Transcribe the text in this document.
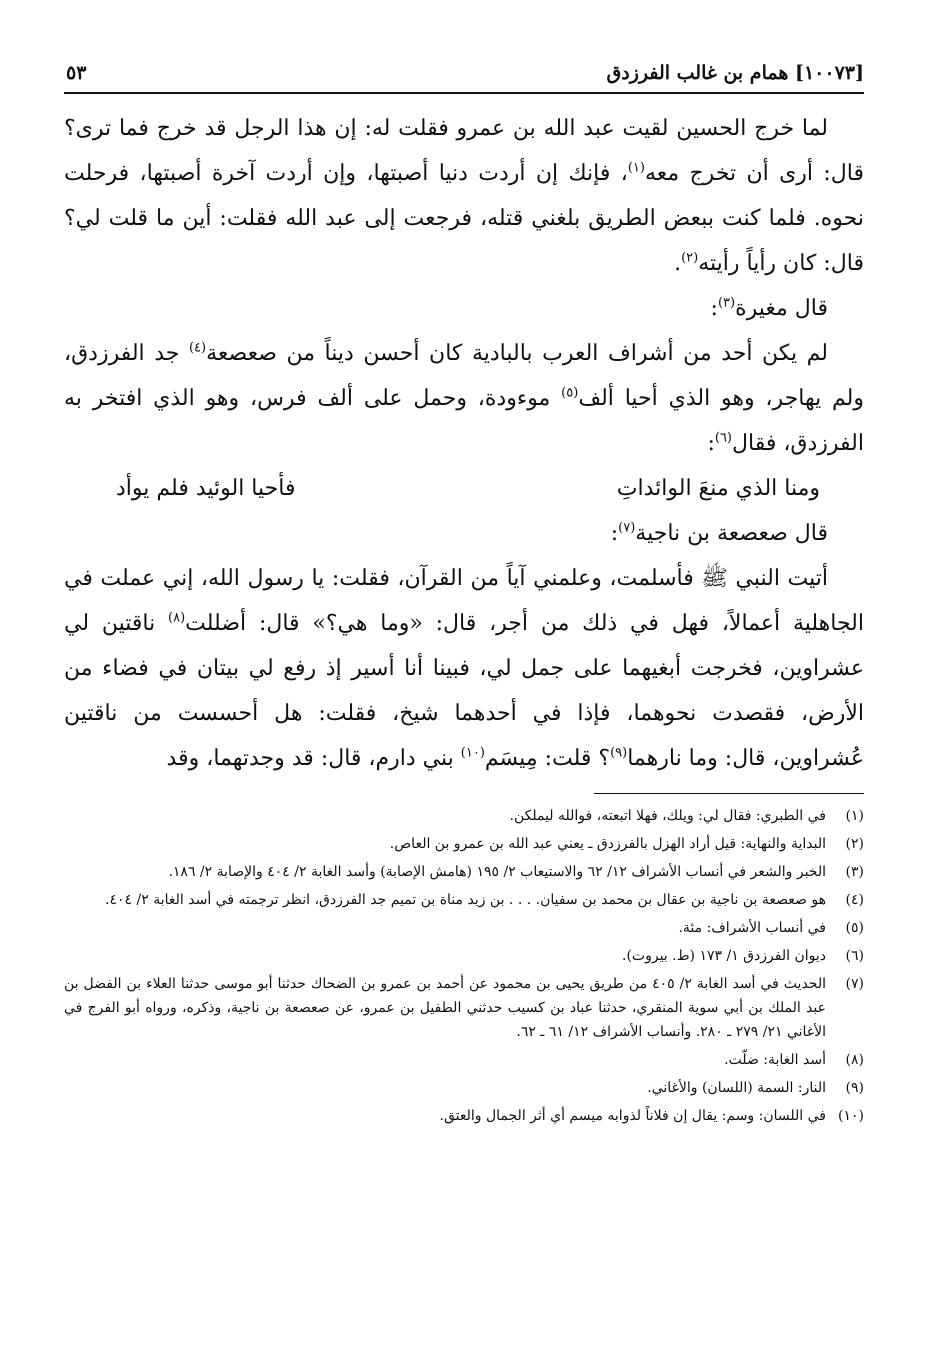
[١٠٠٧٣] همام بن غالب الفرزدق
٥٣

لما خرج الحسين لقيت عبد الله بن عمرو فقلت له: إن هذا الرجل قد خرج فما ترى؟ قال: أرى أن تخرج معه$^{(١)}$، فإنك إن أردت دنيا أصبتها، وإن أردت آخرة أصبتها، فرحلت نحوه. فلما كنت ببعض الطريق بلغني قتله، فرجعت إلى عبد الله فقلت: أين ما قلت لي؟ قال: كان رأياً رأيته$^{(٢)}$.

قال مغيرة$^{(٣)}$:

لم يكن أحد من أشراف العرب بالبادية كان أحسن ديناً من صعصعة$^{(٤)}$ جد الفرزدق، ولم يهاجر، وهو الذي أحيا ألف$^{(٥)}$ موءودة، وحمل على ألف فرس، وهو الذي افتخر به الفرزدق، فقال$^{(٦)}$:

ومنا الذي منعَ الوائداتِ
فأحيا الوئيد فلم يوأد

قال صعصعة بن ناجية$^{(٧)}$:

أتيت النبي ﷺ فأسلمت، وعلمني آياً من القرآن، فقلت: يا رسول الله، إني عملت في الجاهلية أعمالاً، فهل في ذلك من أجر، قال: «وما هي؟» قال: أضللت$^{(٨)}$ ناقتين لي عشراوين، فخرجت أبغيهما على جمل لي، فبينا أنا أسير إذ رفع لي بيتان في فضاء من الأرض، فقصدت نحوهما، فإذا في أحدهما شيخ، فقلت: هل أحسست من ناقتين عُشراوين، قال: وما نارهما$^{(٩)}$؟ قلت: مِيسَم$^{(١٠)}$ بني دارم، قال: قد وجدتهما، وقد

(١)
في الطبري: فقال لي: ويلك، فهلا اتبعته، فوالله ليملكن.
(٢)
البداية والنهاية: قيل أراد الهزل بالفرزدق ـ يعني عبد الله بن عمرو بن العاص.
(٣)
الخبر والشعر في أنساب الأشراف ١٢/ ٦٢ والاستيعاب ٢/ ١٩٥ (هامش الإصابة) وأسد الغابة ٢/ ٤٠٤ والإصابة ٢/ ١٨٦.
(٤)
هو صعصعة بن ناجية بن عقال بن محمد بن سفيان. . . . بن زيد مناة بن تميم جد الفرزدق، انظر ترجمته في أسد الغابة ٢/ ٤٠٤.
(٥)
في أنساب الأشراف: مئة.
(٦)
ديوان الفرزدق ١/ ١٧٣ (ط. بيروت).
(٧)
الحديث في أسد الغابة ٢/ ٤٠٥ من طريق يحيى بن محمود عن أحمد بن عمرو بن الضحاك حدثنا أبو موسى حدثنا العلاء بن الفضل بن عبد الملك بن أبي سوية المنقري، حدثنا عباد بن كسيب حدثني الطفيل بن عمرو، عن صعصعة بن ناجية، وذكره، ورواه أبو الفرج في الأغاني ٢١/ ٢٧٩ ـ ٢٨٠. وأنساب الأشراف ١٢/ ٦١ ـ ٦٢.
(٨)
أسد الغابة: ضلّت.
(٩)
النار: السمة (اللسان) والأغاني.
(١٠)
في اللسان: وسم: يقال إن فلاناً لذوابه ميسم أي أثر الجمال والعتق.
